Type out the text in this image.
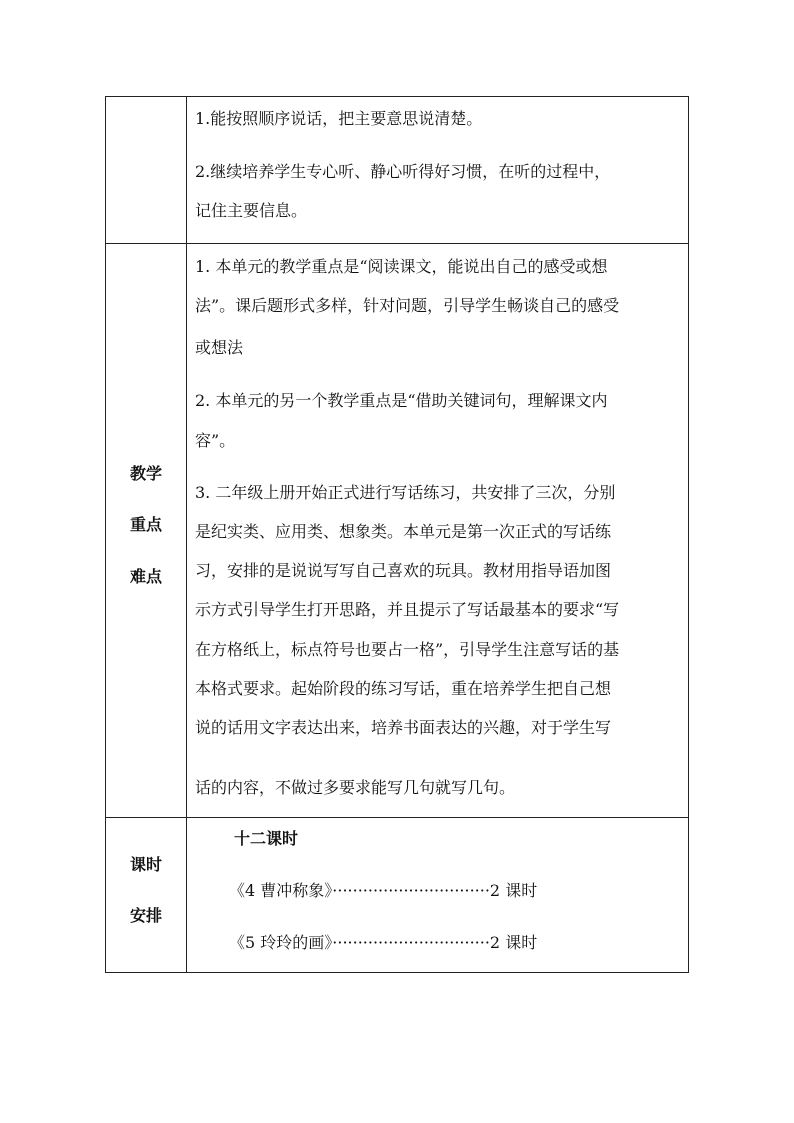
1.能按照顺序说话，把主要意思说清楚。
2.继续培养学生专心听、静心听得好习惯，在听的过程中，
记住主要信息。
教学
重点
难点
1. 本单元的教学重点是“阅读课文，能说出自己的感受或想
法”。课后题形式多样，针对问题，引导学生畅谈自己的感受
或想法
2. 本单元的另一个教学重点是“借助关键词句，理解课文内
容”。
3. 二年级上册开始正式进行写话练习，共安排了三次，分别
是纪实类、应用类、想象类。本单元是第一次正式的写话练
习，安排的是说说写写自己喜欢的玩具。教材用指导语加图
示方式引导学生打开思路，并且提示了写话最基本的要求“写
在方格纸上，标点符号也要占一格”，引导学生注意写话的基
本格式要求。起始阶段的练习写话，重在培养学生把自己想
说的话用文字表达出来，培养书面表达的兴趣，对于学生写
话的内容，不做过多要求能写几句就写几句。
课时
安排
十二课时
《4 曹冲称象》·······························2 课时
《5 玲玲的画》·······························2 课时
